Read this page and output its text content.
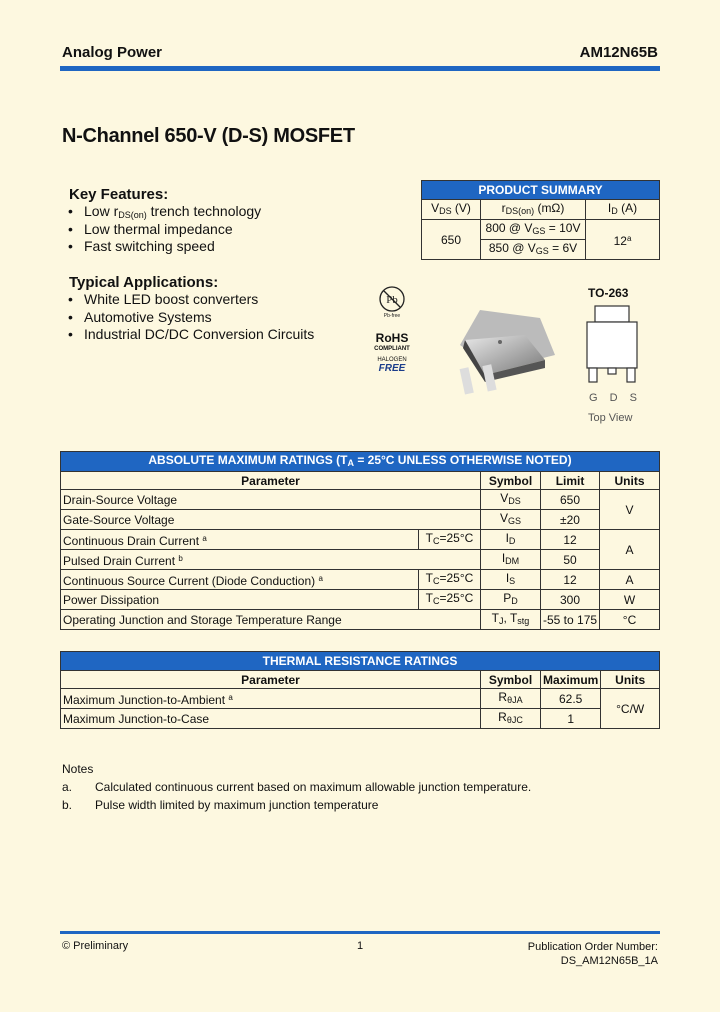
Analog Power	AM12N65B
N-Channel 650-V (D-S) MOSFET
Key Features:
• Low $r_{DS(on)}$ trench technology
• Low thermal impedance
• Fast switching speed
Typical Applications:
• White LED boost converters
• Automotive Systems
• Industrial DC/DC Conversion Circuits
PRODUCT SUMMARY		
$V_{DS}$ (V)	$r_{DS(on)}$ (mΩ)	$I_D$ (A)
650	800 @ $V_{GS} = 10V$	12$^a$
	850 @ $V_{GS} = 6V$	
Pb
Pb-free
RoHS
COMPLIANT
HALOGEN
FREE
TO-263
G D S
Top View
ABSOLUTE MAXIMUM RATINGS ($T_A = 25^\circ C$ UNLESS OTHERWISE NOTED)				
Parameter		Symbol	Limit	Units
Drain-Source Voltage		$V_{DS}$	650	V
Gate-Source Voltage		$V_{GS}$	±20	
Continuous Drain Current $^a$	$T_C=25^\circ C$	$I_D$	12	A
Pulsed Drain Current $^b$		$I_{DM}$	50	
Continuous Source Current (Diode Conduction) $^a$	$T_C=25^\circ C$	$I_S$	12	A
Power Dissipation	$T_C=25^\circ C$	$P_D$	300	W
Operating Junction and Storage Temperature Range		$T_J$, $T_{stg}$	-55 to 175	°C
THERMAL RESISTANCE RATINGS			
Parameter	Symbol	Maximum	Units
Maximum Junction-to-Ambient $^a$	$R_{\theta JA}$	62.5	°C/W
Maximum Junction-to-Case	$R_{\theta JC}$	1	
Notes
a. Calculated continuous current based on maximum allowable junction temperature.
b. Pulse width limited by maximum junction temperature
© Preliminary	1	Publication Order Number:
DS_AM12N65B_1A
